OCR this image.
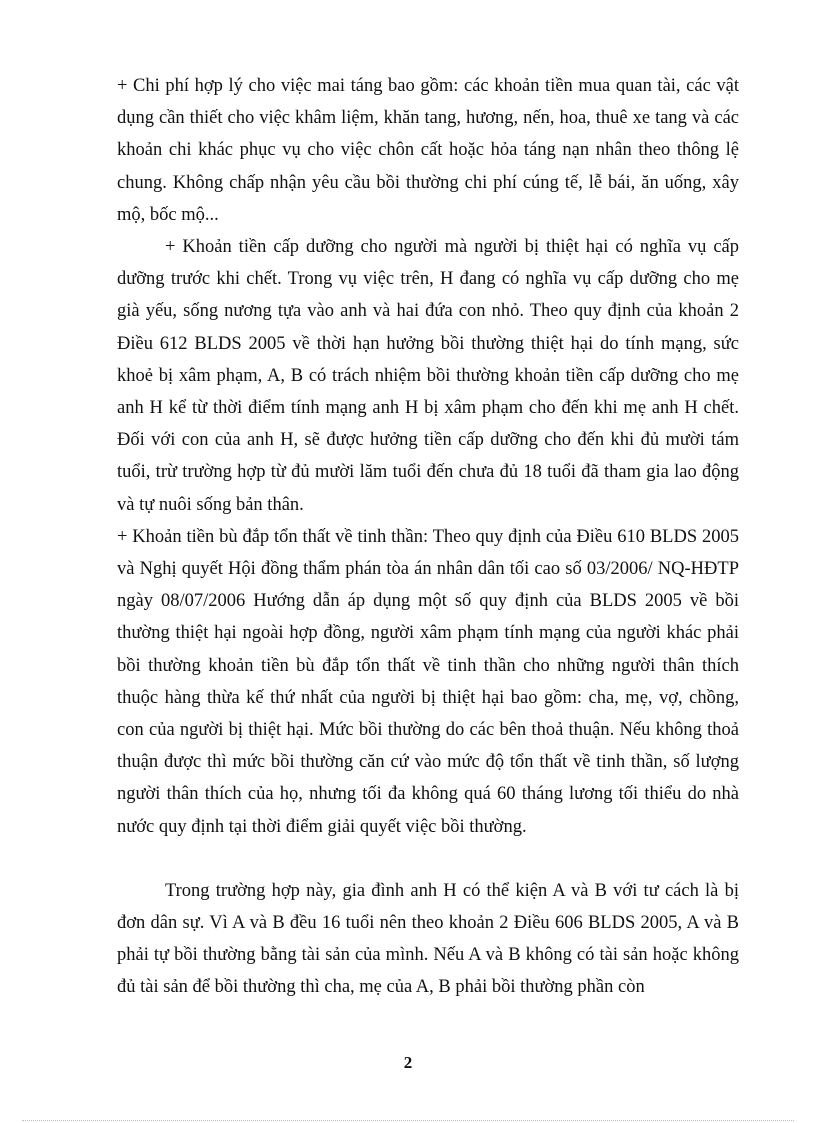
+ Chi phí hợp lý cho việc mai táng bao gồm: các khoản tiền mua quan tài, các vật dụng cần thiết cho việc khâm liệm, khăn tang, hương, nến, hoa, thuê xe tang và các khoản chi khác phục vụ cho việc chôn cất hoặc hỏa táng nạn nhân theo thông lệ chung. Không chấp nhận yêu cầu bồi thường chi phí cúng tế, lễ bái, ăn uống, xây mộ, bốc mộ...

+ Khoản tiền cấp dưỡng cho người mà người bị thiệt hại có nghĩa vụ cấp dưỡng trước khi chết. Trong vụ việc trên, H đang có nghĩa vụ cấp dưỡng cho mẹ già yếu, sống nương tựa vào anh và hai đứa con nhỏ. Theo quy định của khoản 2 Điều 612 BLDS 2005 về thời hạn hưởng bồi thường thiệt hại do tính mạng, sức khoẻ bị xâm phạm, A, B có trách nhiệm bồi thường khoản tiền cấp dưỡng cho mẹ anh H kể từ thời điểm tính mạng anh H bị xâm phạm cho đến khi mẹ anh H chết. Đối với con của anh H, sẽ được hưởng tiền cấp dưỡng cho đến khi đủ mười tám tuổi, trừ trường hợp từ đủ mười lăm tuổi đến chưa đủ 18 tuổi đã tham gia lao động và tự nuôi sống bản thân.

+ Khoản tiền bù đắp tổn thất về tinh thần: Theo quy định của Điều 610 BLDS 2005 và Nghị quyết Hội đồng thẩm phán tòa án nhân dân tối cao số 03/2006/ NQ-HĐTP ngày 08/07/2006 Hướng dẫn áp dụng một số quy định của BLDS 2005 về bồi thường thiệt hại ngoài hợp đồng, người xâm phạm tính mạng của người khác phải bồi thường khoản tiền bù đắp tổn thất về tinh thần cho những người thân thích thuộc hàng thừa kế thứ nhất của người bị thiệt hại bao gồm: cha, mẹ, vợ, chồng, con của người bị thiệt hại. Mức bồi thường do các bên thoả thuận. Nếu không thoả thuận được thì mức bồi thường căn cứ vào mức độ tổn thất về tinh thần, số lượng người thân thích của họ, nhưng tối đa không quá 60 tháng lương tối thiểu do nhà nước quy định tại thời điểm giải quyết việc bồi thường.

Trong trường hợp này, gia đình anh H có thể kiện A và B với tư cách là bị đơn dân sự. Vì A và B đều 16 tuổi nên theo khoản 2 Điều 606 BLDS 2005, A và B phải tự bồi thường bằng tài sản của mình. Nếu A và B không có tài sản hoặc không đủ tài sản để bồi thường thì cha, mẹ của A, B phải bồi thường phần còn

2
